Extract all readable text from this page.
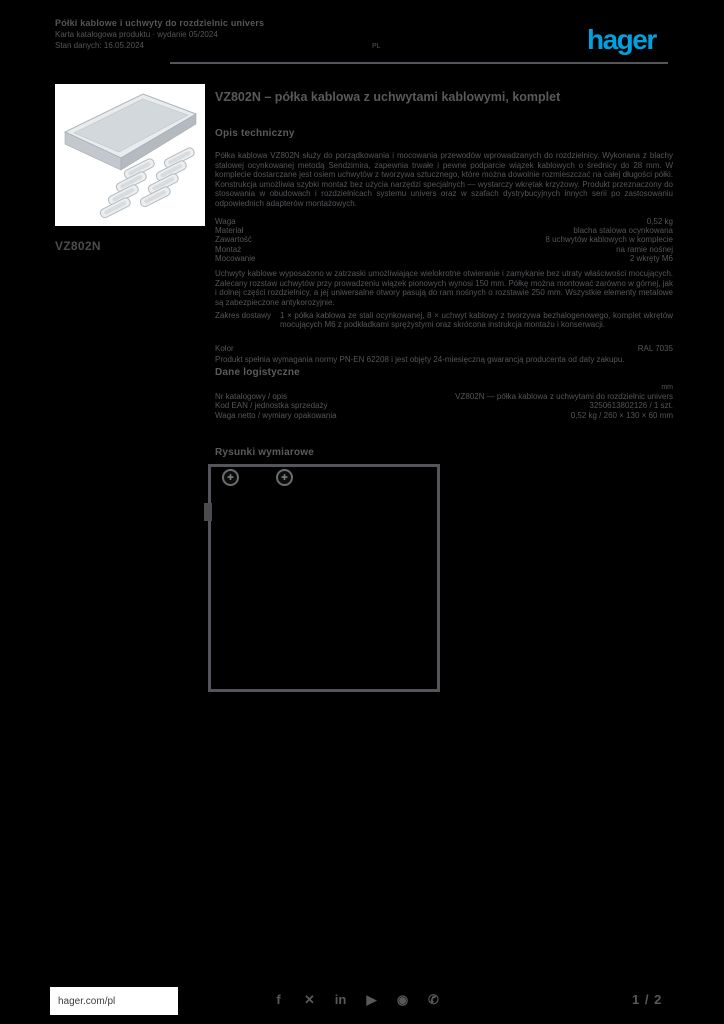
Półki kablowe i uchwyty do rozdzielnic univers
Karta katalogowa produktu · wydanie 05/2024
Stan danych: 16.05.2024	PL	hager
VZ802N
VZ802N – półka kablowa z uchwytami kablowymi, komplet
Opis techniczny
Półka kablowa VZ802N służy do porządkowania i mocowania przewodów wprowadzanych do rozdzielnicy. Wykonana z blachy stalowej ocynkowanej metodą Sendzimira, zapewnia trwałe i pewne podparcie wiązek kablowych o średnicy do 28 mm. W komplecie dostarczane jest osiem uchwytów z tworzywa sztucznego, które można dowolnie rozmieszczać na całej długości półki. Konstrukcja umożliwia szybki montaż bez użycia narzędzi specjalnych — wystarczy wkrętak krzyżowy. Produkt przeznaczony do stosowania w obudowach i rozdzielnicach systemu univers oraz w szafach dystrybucyjnych innych serii po zastosowaniu odpowiednich adapterów montażowych.
Waga	0,52 kg
Materiał	blacha stalowa ocynkowana
Zawartość	8 uchwytów kablowych w komplecie
Montaż	na ramie nośnej
Mocowanie	2 wkręty M6
Uchwyty kablowe wyposażono w zatrzaski umożliwiające wielokrotne otwieranie i zamykanie bez utraty właściwości mocujących. Zalecany rozstaw uchwytów przy prowadzeniu wiązek pionowych wynosi 150 mm. Półkę można montować zarówno w górnej, jak i dolnej części rozdzielnicy, a jej uniwersalne otwory pasują do ram nośnych o rozstawie 250 mm. Wszystkie elementy metalowe są zabezpieczone antykorozyjnie.
Zakres dostawy	1 × półka kablowa ze stali ocynkowanej, 8 × uchwyt kablowy z tworzywa bezhalogenowego, komplet wkrętów mocujących M6 z podkładkami sprężystymi oraz skrócona instrukcja montażu i konserwacji.
Kolor	RAL 7035
Produkt spełnia wymagania normy PN-EN 62208 i jest objęty 24-miesięczną gwarancją producenta od daty zakupu.
Dane logistyczne
mm
Nr katalogowy / opis	VZ802N — półka kablowa z uchwytami do rozdzielnic univers
Kod EAN / jednostka sprzedaży	3250613802126 / 1 szt.
Waga netto / wymiary opakowania	0,52 kg / 260 × 130 × 60 mm
Rysunki wymiarowe
✚	✚
hager.com/pl	f	✕ in ▶ ◉ ✆	1 / 2
